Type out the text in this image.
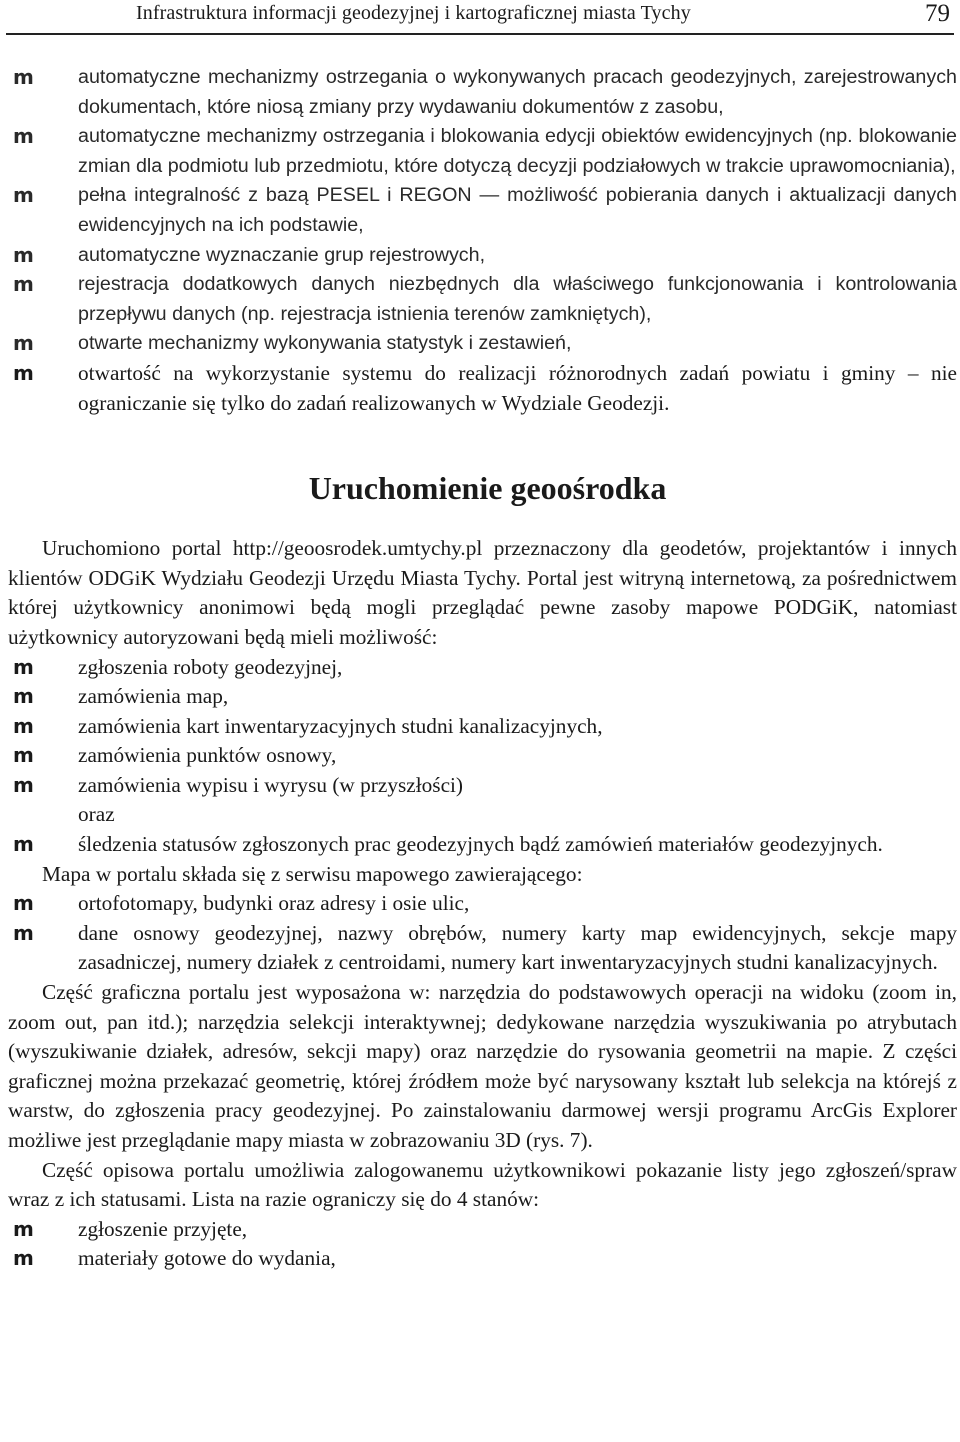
Infrastruktura informacji geodezyjnej i kartograficznej miasta Tychy	79
m automatyczne mechanizmy ostrzegania o wykonywanych pracach geodezyjnych, zarejestrowanych dokumentach, które niosą zmiany przy wydawaniu dokumentów z zasobu,
m automatyczne mechanizmy ostrzegania i blokowania edycji obiektów ewidencyjnych (np. blokowanie zmian dla podmiotu lub przedmiotu, które dotyczą decyzji podziałowych w trakcie uprawomocniania),
m pełna integralność z bazą PESEL i REGON — możliwość pobierania danych i aktualizacji danych ewidencyjnych na ich podstawie,
m automatyczne wyznaczanie grup rejestrowych,
m rejestracja dodatkowych danych niezbędnych dla właściwego funkcjonowania i kontrolowania przepływu danych (np. rejestracja istnienia terenów zamkniętych),
m otwarte mechanizmy wykonywania statystyk i zestawień,
m otwartość na wykorzystanie systemu do realizacji różnorodnych zadań powiatu i gminy – nie ograniczanie się tylko do zadań realizowanych w Wydziale Geodezji.
Uruchomienie geoośrodka

Uruchomiono portal http://geoosrodek.umtychy.pl przeznaczony dla geodetów, projektantów i innych klientów ODGiK Wydziału Geodezji Urzędu Miasta Tychy. Portal jest witryną internetową, za pośrednictwem której użytkownicy anonimowi będą mogli przeglądać pewne zasoby mapowe PODGiK, natomiast użytkownicy autoryzowani będą mieli możliwość:

m zgłoszenia roboty geodezyjnej,
m zamówienia map,
m zamówienia kart inwentaryzacyjnych studni kanalizacyjnych,
m zamówienia punktów osnowy,
m zamówienia wypisu i wyrysu (w przyszłości)
oraz
m śledzenia statusów zgłoszonych prac geodezyjnych bądź zamówień materiałów geodezyjnych.

Mapa w portalu składa się z serwisu mapowego zawierającego:

m ortofotomapy, budynki oraz adresy i osie ulic,
m dane osnowy geodezyjnej, nazwy obrębów, numery karty map ewidencyjnych, sekcje mapy zasadniczej, numery działek z centroidami, numery kart inwentaryzacyjnych studni kanalizacyjnych.

Część graficzna portalu jest wyposażona w: narzędzia do podstawowych operacji na widoku (zoom in, zoom out, pan itd.); narzędzia selekcji interaktywnej; dedykowane narzędzia wyszukiwania po atrybutach (wyszukiwanie działek, adresów, sekcji mapy) oraz narzędzie do rysowania geometrii na mapie. Z części graficznej można przekazać geometrię, której źródłem może być narysowany kształt lub selekcja na którejś z warstw, do zgłoszenia pracy geodezyjnej. Po zainstalowaniu darmowej wersji programu ArcGis Explorer możliwe jest przeglądanie mapy miasta w zobrazowaniu 3D (rys. 7).

Część opisowa portalu umożliwia zalogowanemu użytkownikowi pokazanie listy jego zgłoszeń/spraw wraz z ich statusami. Lista na razie ograniczy się do 4 stanów:

m zgłoszenie przyjęte,
m materiały gotowe do wydania,
